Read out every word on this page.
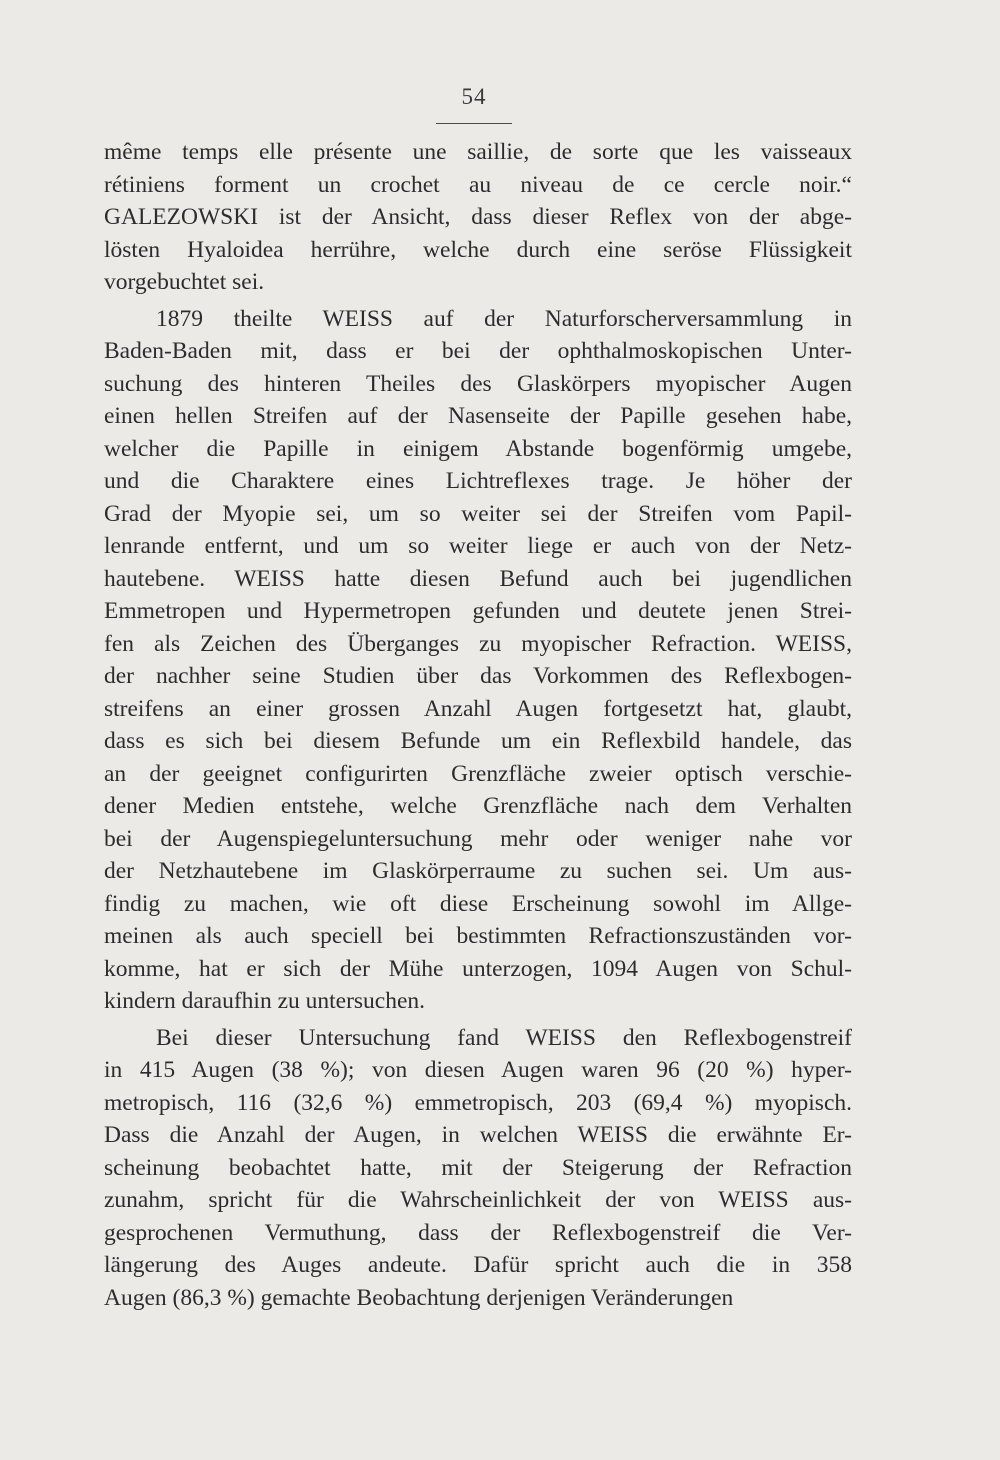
54
même temps elle présente une saillie, de sorte que les vaisseaux
rétiniens forment un crochet au niveau de ce cercle noir.“
GALEZOWSKI ist der Ansicht, dass dieser Reflex von der abge-
lösten Hyaloidea herrühre, welche durch eine seröse Flüssigkeit
vorgebuchtet sei.
1879 theilte WEISS auf der Naturforscherversammlung in
Baden-Baden mit, dass er bei der ophthalmoskopischen Unter-
suchung des hinteren Theiles des Glaskörpers myopischer Augen
einen hellen Streifen auf der Nasenseite der Papille gesehen habe,
welcher die Papille in einigem Abstande bogenförmig umgebe,
und die Charaktere eines Lichtreflexes trage. Je höher der
Grad der Myopie sei, um so weiter sei der Streifen vom Papil-
lenrande entfernt, und um so weiter liege er auch von der Netz-
hautebene. WEISS hatte diesen Befund auch bei jugendlichen
Emmetropen und Hypermetropen gefunden und deutete jenen Strei-
fen als Zeichen des Überganges zu myopischer Refraction. WEISS,
der nachher seine Studien über das Vorkommen des Reflexbogen-
streifens an einer grossen Anzahl Augen fortgesetzt hat, glaubt,
dass es sich bei diesem Befunde um ein Reflexbild handele, das
an der geeignet configurirten Grenzfläche zweier optisch verschie-
dener Medien entstehe, welche Grenzfläche nach dem Verhalten
bei der Augenspiegeluntersuchung mehr oder weniger nahe vor
der Netzhautebene im Glaskörperraume zu suchen sei. Um aus-
findig zu machen, wie oft diese Erscheinung sowohl im Allge-
meinen als auch speciell bei bestimmten Refractionszuständen vor-
komme, hat er sich der Mühe unterzogen, 1094 Augen von Schul-
kindern daraufhin zu untersuchen.
Bei dieser Untersuchung fand WEISS den Reflexbogenstreif
in 415 Augen (38 %); von diesen Augen waren 96 (20 %) hyper-
metropisch, 116 (32,6 %) emmetropisch, 203 (69,4 %) myopisch.
Dass die Anzahl der Augen, in welchen WEISS die erwähnte Er-
scheinung beobachtet hatte, mit der Steigerung der Refraction
zunahm, spricht für die Wahrscheinlichkeit der von WEISS aus-
gesprochenen Vermuthung, dass der Reflexbogenstreif die Ver-
längerung des Auges andeute. Dafür spricht auch die in 358
Augen (86,3 %) gemachte Beobachtung derjenigen Veränderungen
